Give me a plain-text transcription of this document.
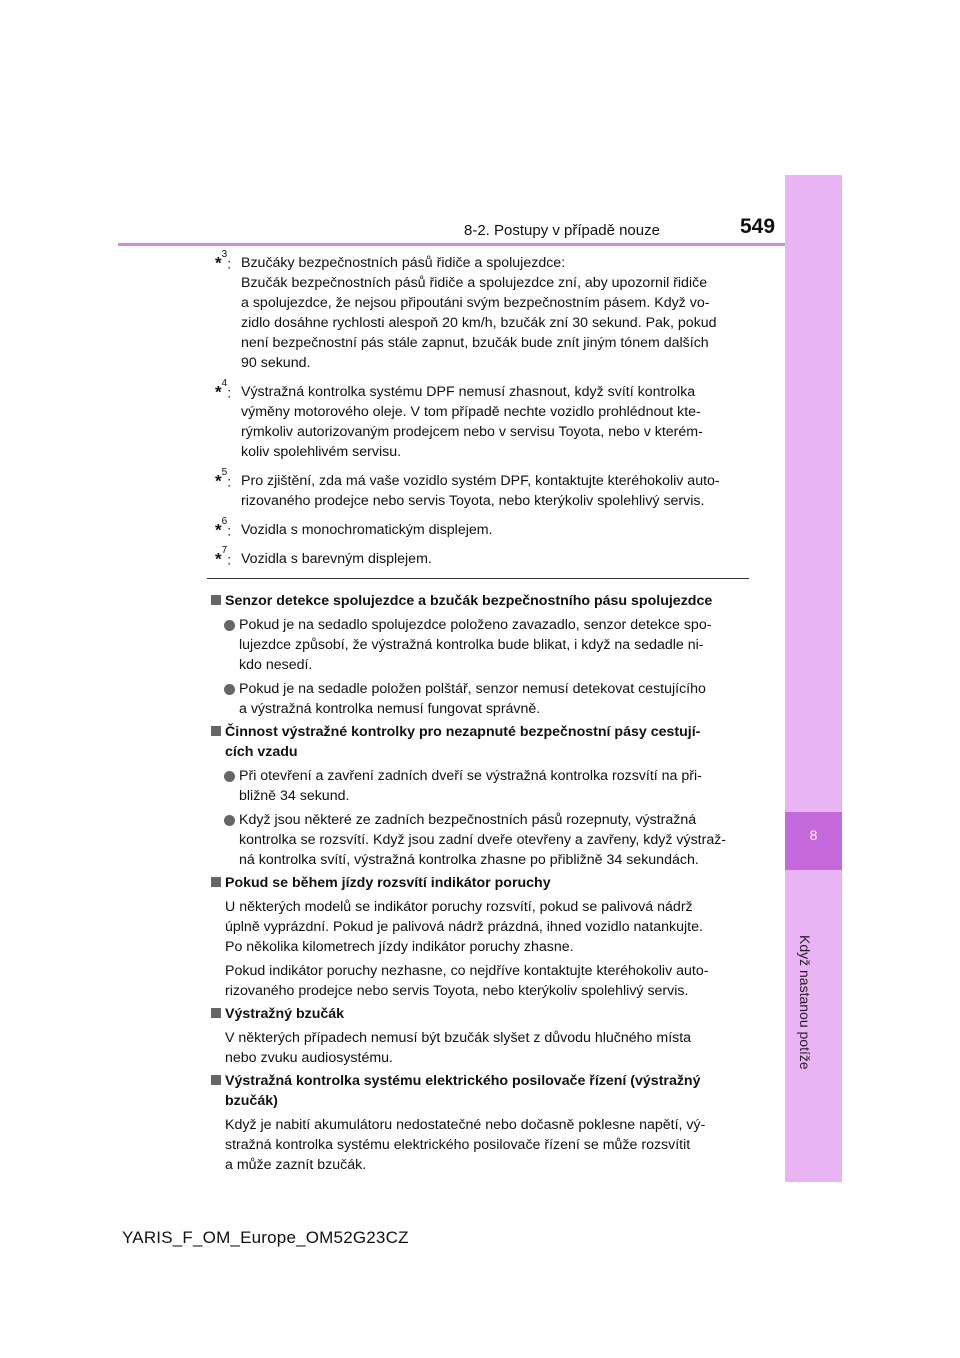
8
Když nastanou potíže
8-2. Postupy v případě nouze	549
*$^3$: Bzučáky bezpečnostních pásů řidiče a spolujezdce:
Bzučák bezpečnostních pásů řidiče a spolujezdce zní, aby upozornil řidiče
a spolujezdce, že nejsou připoutáni svým bezpečnostním pásem. Když vo-
zidlo dosáhne rychlosti alespoň 20 km/h, bzučák zní 30 sekund. Pak, pokud
není bezpečnostní pás stále zapnut, bzučák bude znít jiným tónem dalších
90 sekund.
*$^4$: Výstražná kontrolka systému DPF nemusí zhasnout, když svítí kontrolka
výměny motorového oleje. V tom případě nechte vozidlo prohlédnout kte-
rýmkoliv autorizovaným prodejcem nebo v servisu Toyota, nebo v kterém-
koliv spolehlivém servisu.
*$^5$: Pro zjištění, zda má vaše vozidlo systém DPF, kontaktujte kteréhokoliv auto-
rizovaného prodejce nebo servis Toyota, nebo kterýkoliv spolehlivý servis.
*$^6$: Vozidla s monochromatickým displejem.
*$^7$: Vozidla s barevným displejem.
Senzor detekce spolujezdce a bzučák bezpečnostního pásu spolujezdce
Pokud je na sedadlo spolujezdce položeno zavazadlo, senzor detekce spo-
lujezdce způsobí, že výstražná kontrolka bude blikat, i když na sedadle ni-
kdo nesedí.
Pokud je na sedadle položen polštář, senzor nemusí detekovat cestujícího
a výstražná kontrolka nemusí fungovat správně.
Činnost výstražné kontrolky pro nezapnuté bezpečnostní pásy cestují-
cích vzadu
Při otevření a zavření zadních dveří se výstražná kontrolka rozsvítí na při-
bližně 34 sekund.
Když jsou některé ze zadních bezpečnostních pásů rozepnuty, výstražná
kontrolka se rozsvítí. Když jsou zadní dveře otevřeny a zavřeny, když výstraž-
ná kontrolka svítí, výstražná kontrolka zhasne po přibližně 34 sekundách.
Pokud se během jízdy rozsvítí indikátor poruchy
U některých modelů se indikátor poruchy rozsvítí, pokud se palivová nádrž
úplně vyprázdní. Pokud je palivová nádrž prázdná, ihned vozidlo natankujte.
Po několika kilometrech jízdy indikátor poruchy zhasne.
Pokud indikátor poruchy nezhasne, co nejdříve kontaktujte kteréhokoliv auto-
rizovaného prodejce nebo servis Toyota, nebo kterýkoliv spolehlivý servis.
Výstražný bzučák
V některých případech nemusí být bzučák slyšet z důvodu hlučného místa
nebo zvuku audiosystému.
Výstražná kontrolka systému elektrického posilovače řízení (výstražný
bzučák)
Když je nabití akumulátoru nedostatečné nebo dočasně poklesne napětí, vý-
stražná kontrolka systému elektrického posilovače řízení se může rozsvítit
a může zaznít bzučák.
YARIS_F_OM_Europe_OM52G23CZ
